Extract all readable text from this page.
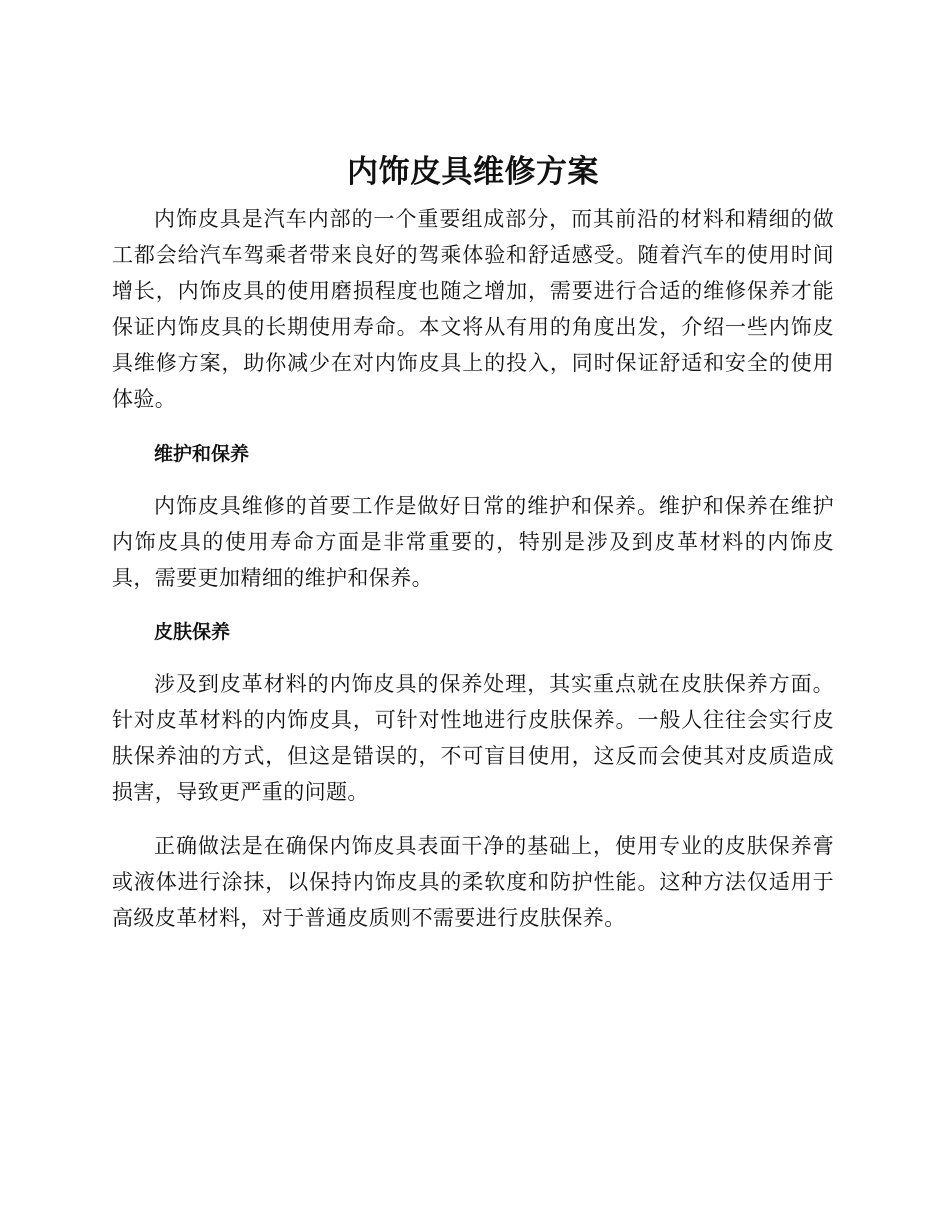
内饰皮具维修方案

内饰皮具是汽车内部的一个重要组成部分，而其前沿的材料和精细的做工都会给汽车驾乘者带来良好的驾乘体验和舒适感受。随着汽车的使用时间增长，内饰皮具的使用磨损程度也随之增加，需要进行合适的维修保养才能保证内饰皮具的长期使用寿命。本文将从有用的角度出发，介绍一些内饰皮具维修方案，助你减少在对内饰皮具上的投入，同时保证舒适和安全的使用体验。

维护和保养

内饰皮具维修的首要工作是做好日常的维护和保养。维护和保养在维护内饰皮具的使用寿命方面是非常重要的，特别是涉及到皮革材料的内饰皮具，需要更加精细的维护和保养。

皮肤保养

涉及到皮革材料的内饰皮具的保养处理，其实重点就在皮肤保养方面。针对皮革材料的内饰皮具，可针对性地进行皮肤保养。一般人往往会实行皮肤保养油的方式，但这是错误的，不可盲目使用，这反而会使其对皮质造成损害，导致更严重的问题。

正确做法是在确保内饰皮具表面干净的基础上，使用专业的皮肤保养膏或液体进行涂抹，以保持内饰皮具的柔软度和防护性能。这种方法仅适用于高级皮革材料，对于普通皮质则不需要进行皮肤保养。
